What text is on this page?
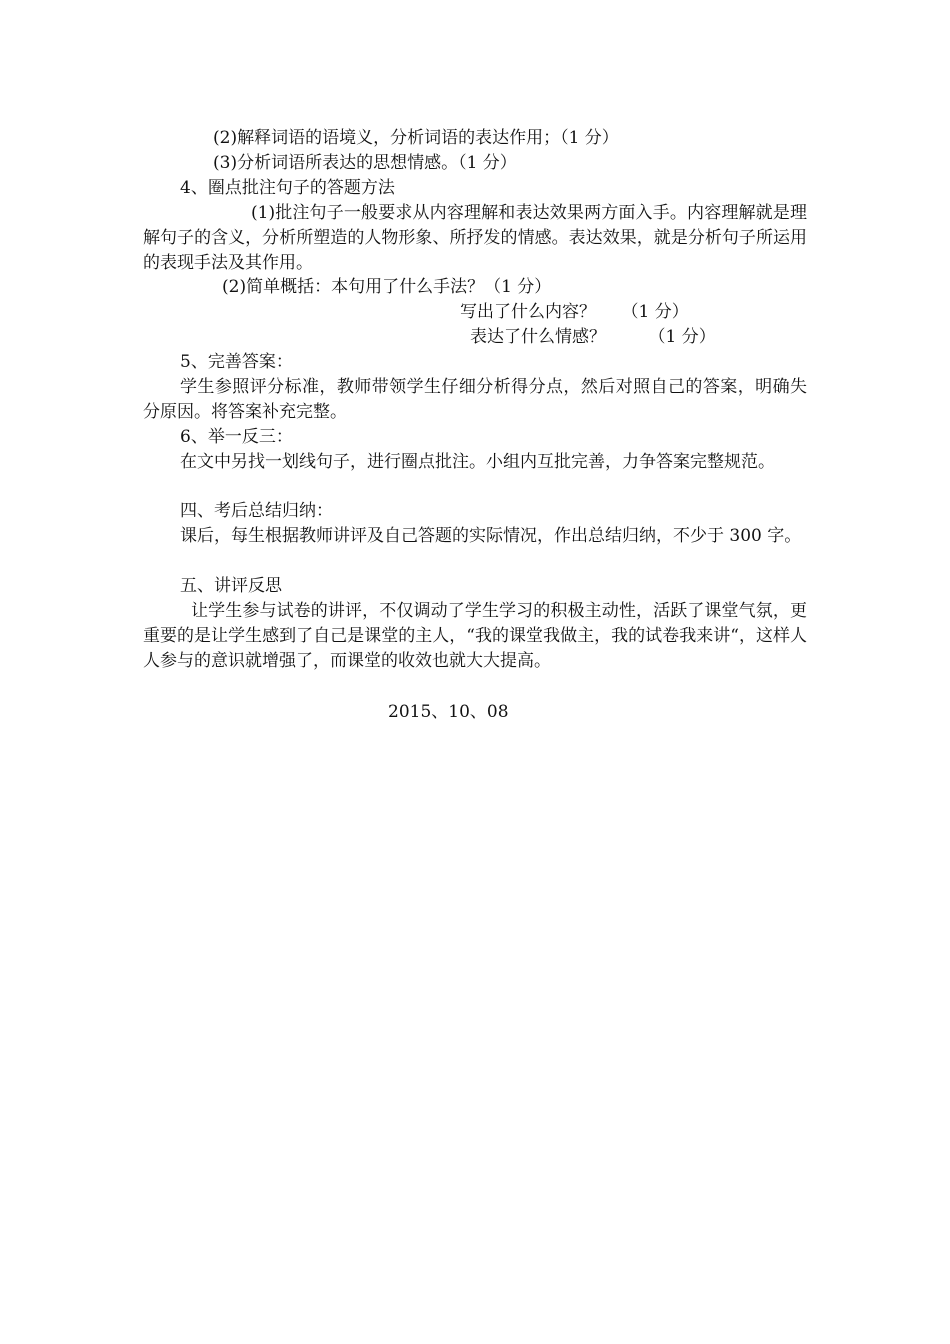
(2)解释词语的语境义，分析词语的表达作用；（1 分）
(3)分析词语所表达的思想情感。（1 分）
4、圈点批注句子的答题方法
(1)批注句子一般要求从内容理解和表达效果两方面入手。内容理解就是理解句子的含义，分析所塑造的人物形象、所抒发的情感。表达效果，就是分析句子所运用的表现手法及其作用。
(2)简单概括：本句用了什么手法？（1 分）
写出了什么内容？　　（1 分）
表达了什么情感？　　　（1 分）
5、完善答案：
学生参照评分标准，教师带领学生仔细分析得分点，然后对照自己的答案，明确失分原因。将答案补充完整。
6、举一反三：
在文中另找一划线句子，进行圈点批注。小组内互批完善，力争答案完整规范。
四、考后总结归纳：
课后，每生根据教师讲评及自己答题的实际情况，作出总结归纳，不少于 300 字。
五、讲评反思
让学生参与试卷的讲评，不仅调动了学生学习的积极主动性，活跃了课堂气氛，更重要的是让学生感到了自己是课堂的主人，“我的课堂我做主，我的试卷我来讲“，这样人人参与的意识就增强了，而课堂的收效也就大大提高。
2015、10、08
